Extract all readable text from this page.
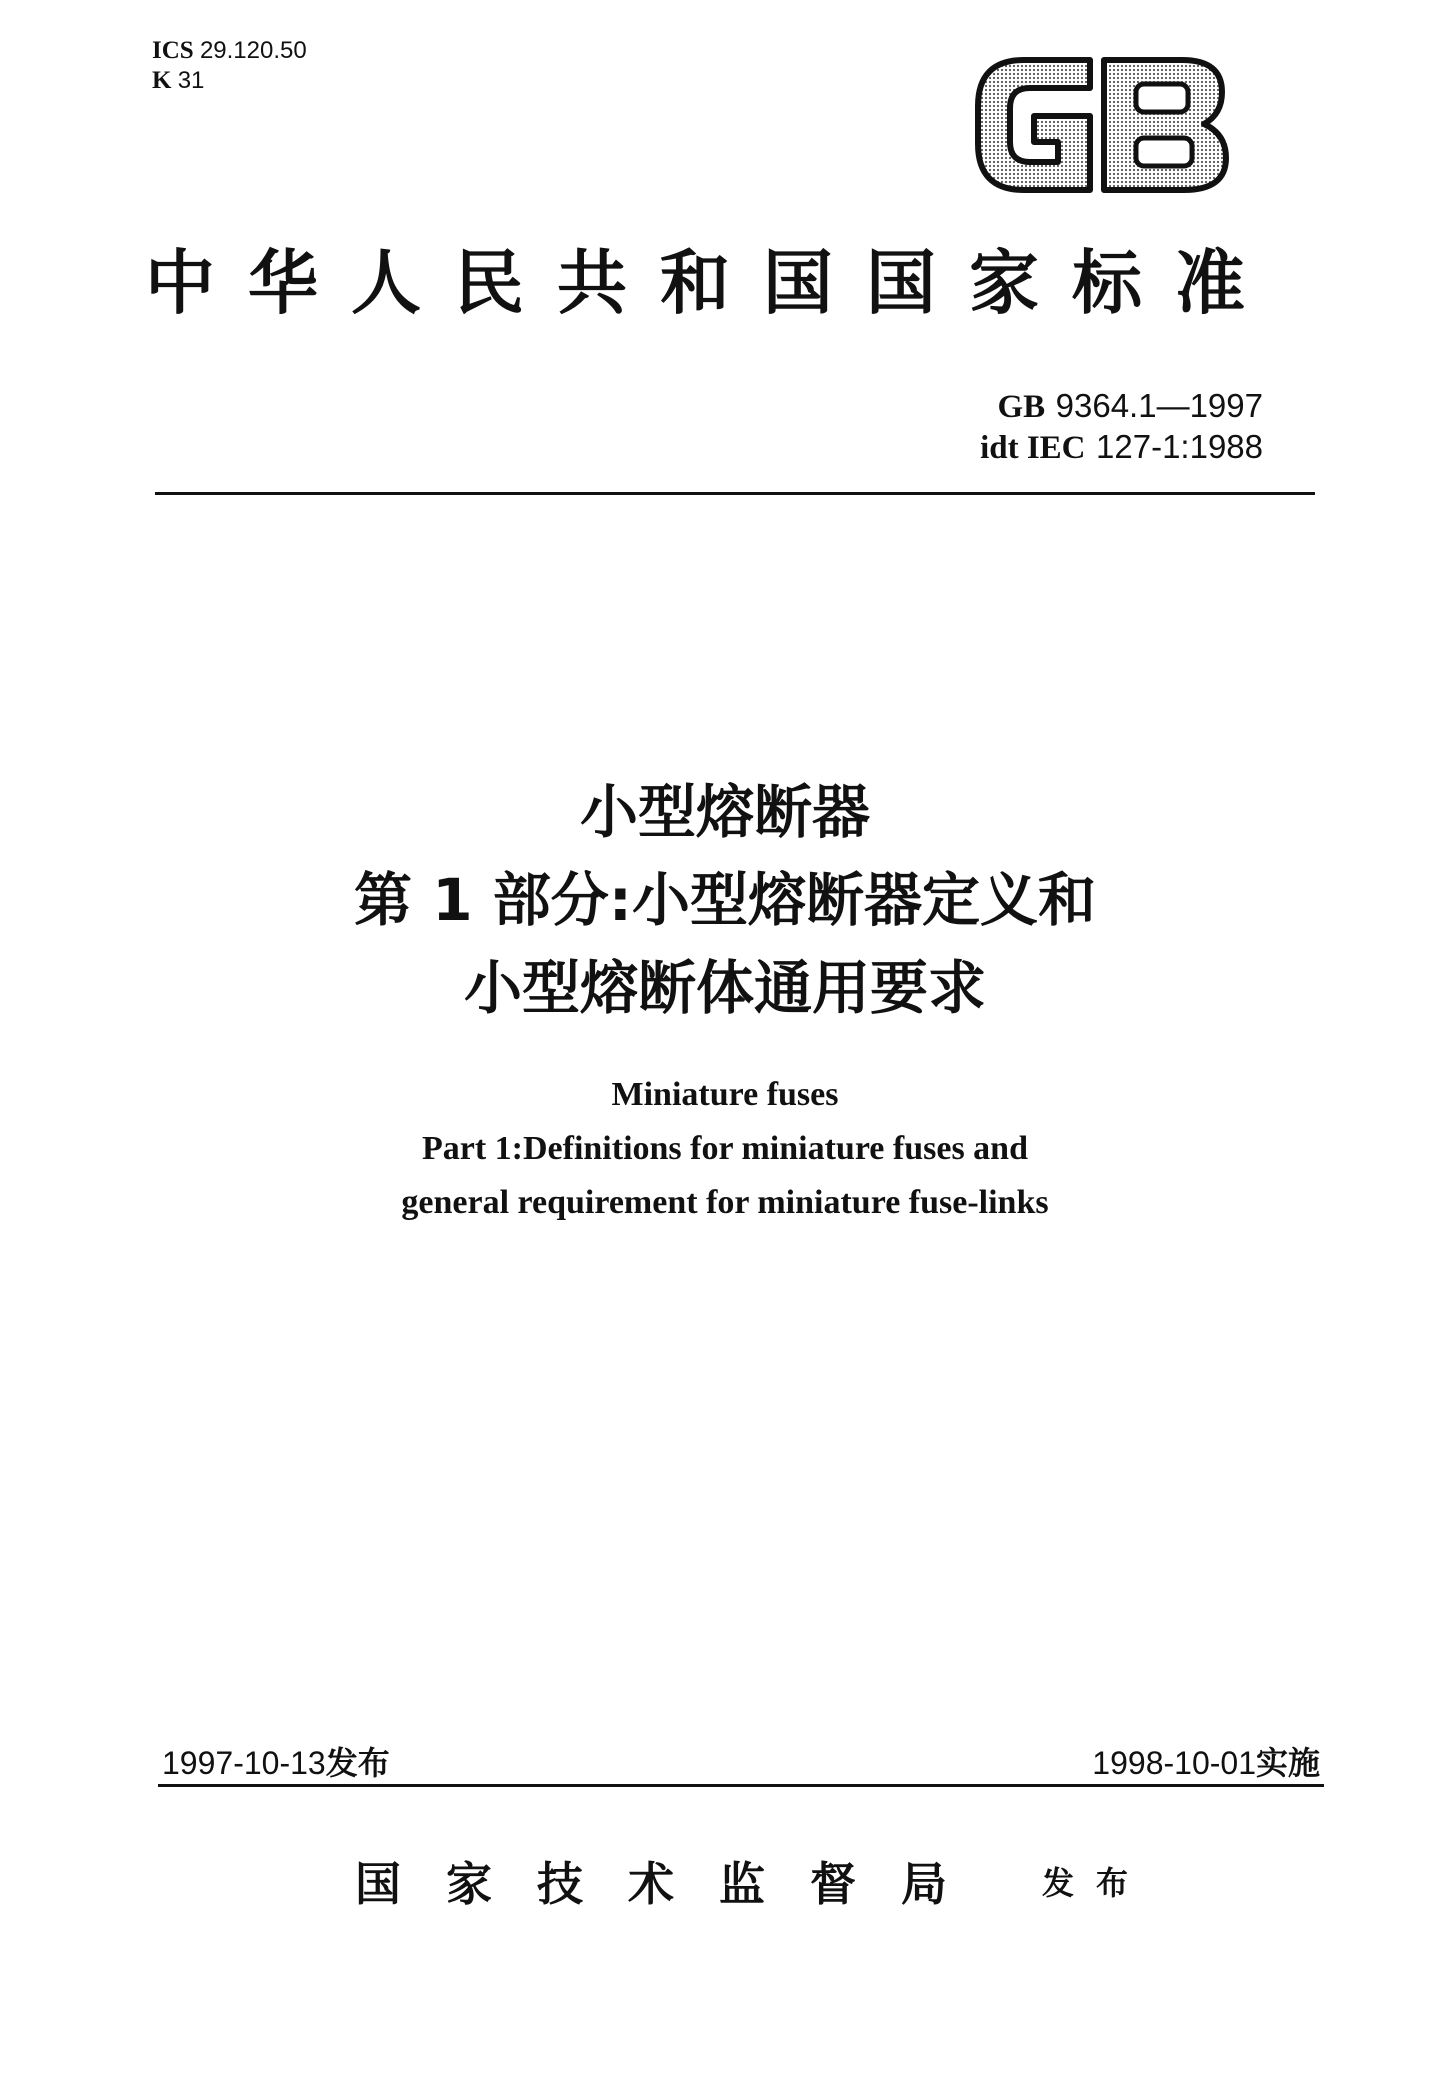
ICS 29.120.50
K 31
中华人民共和国国家标准
GB 9364.1—1997
idt IEC 127-1:1988
小型熔断器
第 1 部分:小型熔断器定义和
小型熔断体通用要求
Miniature fuses
Part 1:Definitions for miniature fuses and
general requirement for miniature fuse-links
1997-10-13发布	1998-10-01实施
国家技术监督局 发布
